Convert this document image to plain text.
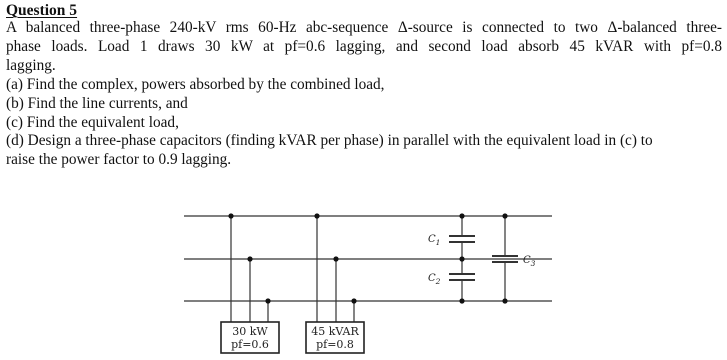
Question 5

A balanced three-phase 240-kV rms 60-Hz abc-sequence Δ-source is connected to two Δ-balanced three-

phase loads. Load 1 draws 30 kW at pf=0.6 lagging, and second load absorb 45 kVAR with pf=0.8

lagging.

(a) Find the complex, powers absorbed by the combined load,

(b) Find the line currents, and

(c) Find the equivalent load,

(d) Design a three-phase capacitors (finding kVAR per phase) in parallel with the equivalent load in (c) to

raise the power factor to 0.9 lagging.

30 kW
pf=0.6
45 kVAR
pf=0.8
$C_1$
$C_2$
$C_3$
